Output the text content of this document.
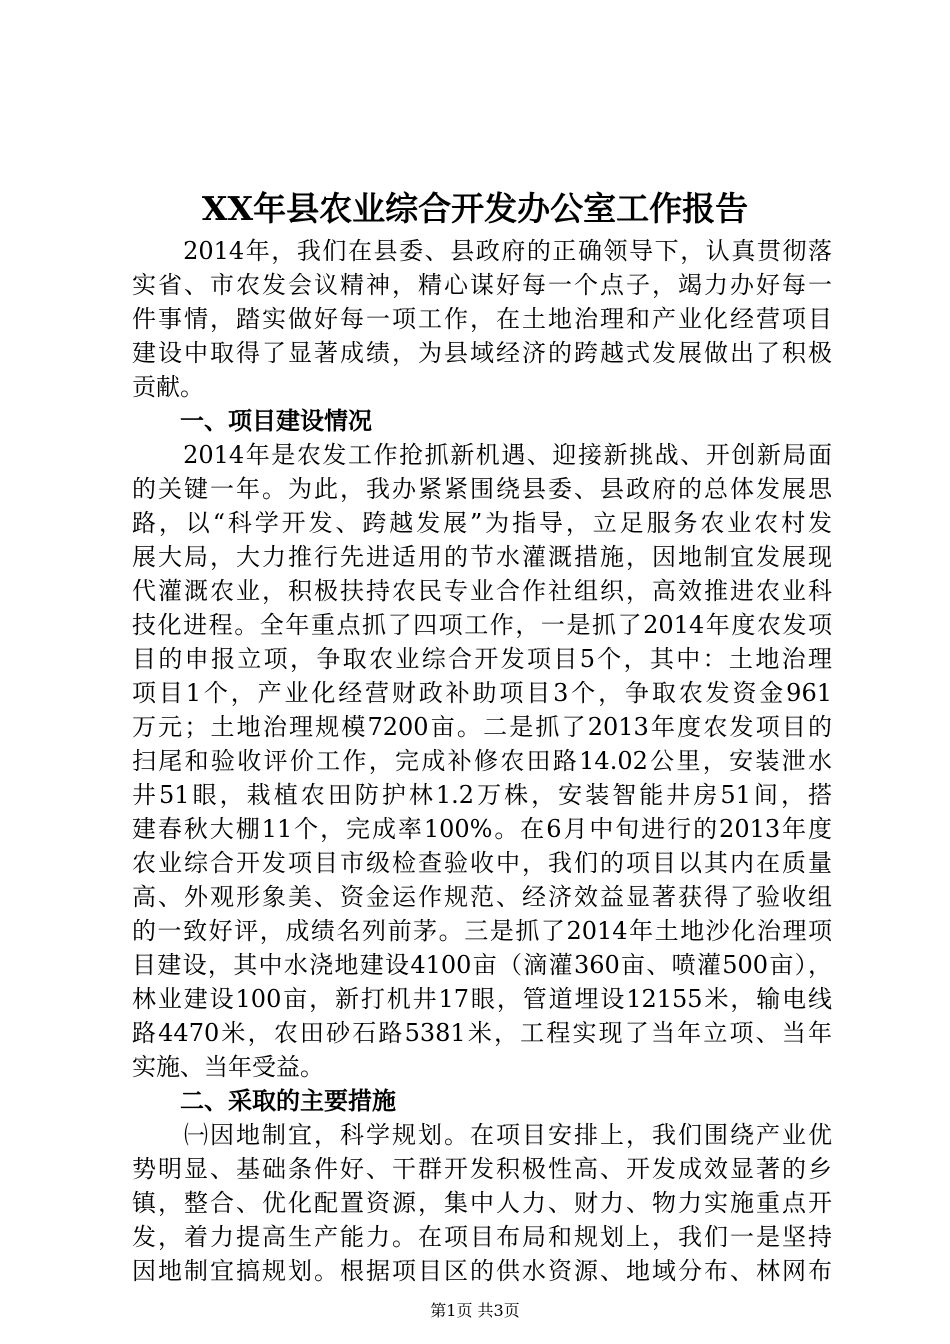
XX年县农业综合开发办公室工作报告
　　2014年，我们在县委、县政府的正确领导下，认真贯彻落
实省、市农发会议精神，精心谋好每一个点子，竭力办好每一
件事情，踏实做好每一项工作，在土地治理和产业化经营项目
建设中取得了显著成绩，为县域经济的跨越式发展做出了积极
贡献。
　　一、项目建设情况
　　2014年是农发工作抢抓新机遇、迎接新挑战、开创新局面
的关键一年。为此，我办紧紧围绕县委、县政府的总体发展思
路，以“科学开发、跨越发展”为指导，立足服务农业农村发
展大局，大力推行先进适用的节水灌溉措施，因地制宜发展现
代灌溉农业，积极扶持农民专业合作社组织，高效推进农业科
技化进程。全年重点抓了四项工作，一是抓了2014年度农发项
目的申报立项，争取农业综合开发项目5个，其中：土地治理
项目1个，产业化经营财政补助项目3个，争取农发资金961
万元；土地治理规模7200亩。二是抓了2013年度农发项目的
扫尾和验收评价工作，完成补修农田路14.02公里，安装泄水
井51眼，栽植农田防护林1.2万株，安装智能井房51间，搭
建春秋大棚11个，完成率100%。在6月中旬进行的2013年度
农业综合开发项目市级检查验收中，我们的项目以其内在质量
高、外观形象美、资金运作规范、经济效益显著获得了验收组
的一致好评，成绩名列前茅。三是抓了2014年土地沙化治理项
目建设，其中水浇地建设4100亩（滴灌360亩、喷灌500亩），
林业建设100亩，新打机井17眼，管道埋设12155米，输电线
路4470米，农田砂石路5381米，工程实现了当年立项、当年
实施、当年受益。
　　二、采取的主要措施
　　㈠因地制宜，科学规划。在项目安排上，我们围绕产业优
势明显、基础条件好、干群开发积极性高、开发成效显著的乡
镇，整合、优化配置资源，集中人力、财力、物力实施重点开
发，着力提高生产能力。在项目布局和规划上，我们一是坚持
第1页 共3页
因地制宜搞规划。根据项目区的供水资源、地域分布、林网布
